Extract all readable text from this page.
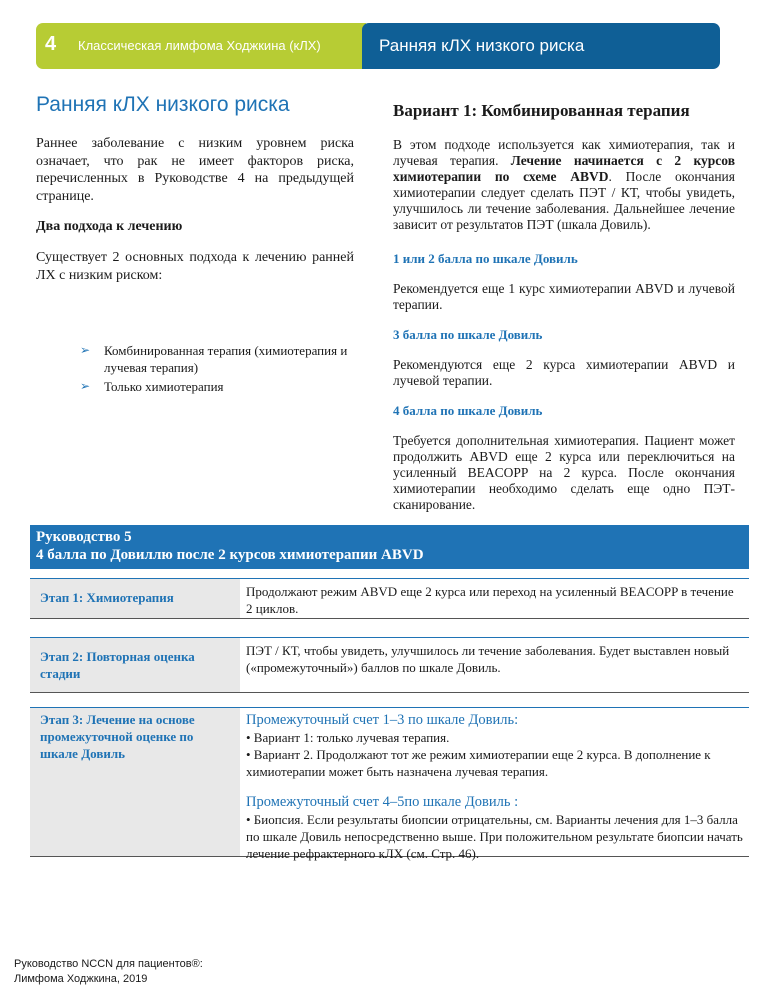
4 Классическая лимфома Ходжкина (кЛХ)	Ранняя кЛХ низкого риска
Ранняя кЛХ низкого риска

Раннее заболевание с низким уровнем риска означает, что рак не имеет факторов риска, перечисленных в Руководстве 4 на предыдущей странице.

Два подхода к лечению

Существует 2 основных подхода к лечению ранней ЛХ с низким риском:

➢ Комбинированная терапия (химиотерапия и лучевая терапия)
➢ Только химиотерапия
Вариант 1: Комбинированная терапия

В этом подходе используется как химиотерапия, так и лучевая терапия. Лечение начинается с 2 курсов химиотерапии по схеме ABVD. После окончания химиотерапии следует сделать ПЭТ / КТ, чтобы увидеть, улучшилось ли течение заболевания. Дальнейшее лечение зависит от результатов ПЭТ (шкала Довиль).

1 или 2 балла по шкале Довиль

Рекомендуется еще 1 курс химиотерапии ABVD и лучевой терапии.

3 балла по шкале Довиль

Рекомендуются еще 2 курса химиотерапии ABVD и лучевой терапии.

4 балла по шкале Довиль

Требуется дополнительная химиотерапия. Пациент может продолжить ABVD еще 2 курса или переключиться на усиленный BEACOPP на 2 курса. После окончания химиотерапии необходимо сделать еще одно ПЭТ-сканирование.

Руководство 5
4 балла по Довиллю после 2 курсов химиотерапии ABVD
Этап 1: Химиотерапия	Продолжают режим ABVD еще 2 курса или переход на усиленный BEACOPP в течение 2 циклов.
Этап 2: Повторная оценка стадии
ПЭТ / КТ, чтобы увидеть, улучшилось ли течение заболевания. Будет выставлен новый («промежуточный») баллов по шкале Довиль.
Этап 3: Лечение на основе промежуточной оценке по шкале Довиль
Промежуточный счет 1–3 по шкале Довиль:
• Вариант 1: только лучевая терапия.
• Вариант 2. Продолжают тот же режим химиотерапии еще 2 курса. В дополнение к химиотерапии может быть назначена лучевая терапия.
Промежуточный счет 4–5по шкале Довиль :
• Биопсия. Если результаты биопсии отрицательны, см. Варианты лечения для 1–3 балла по шкале Довиль непосредственно выше. При положительном результате биопсии начать лечение рефрактерного кЛХ (см. Стр. 46).
Руководство NCCN для пациентов®:
Лимфома Ходжкина, 2019
